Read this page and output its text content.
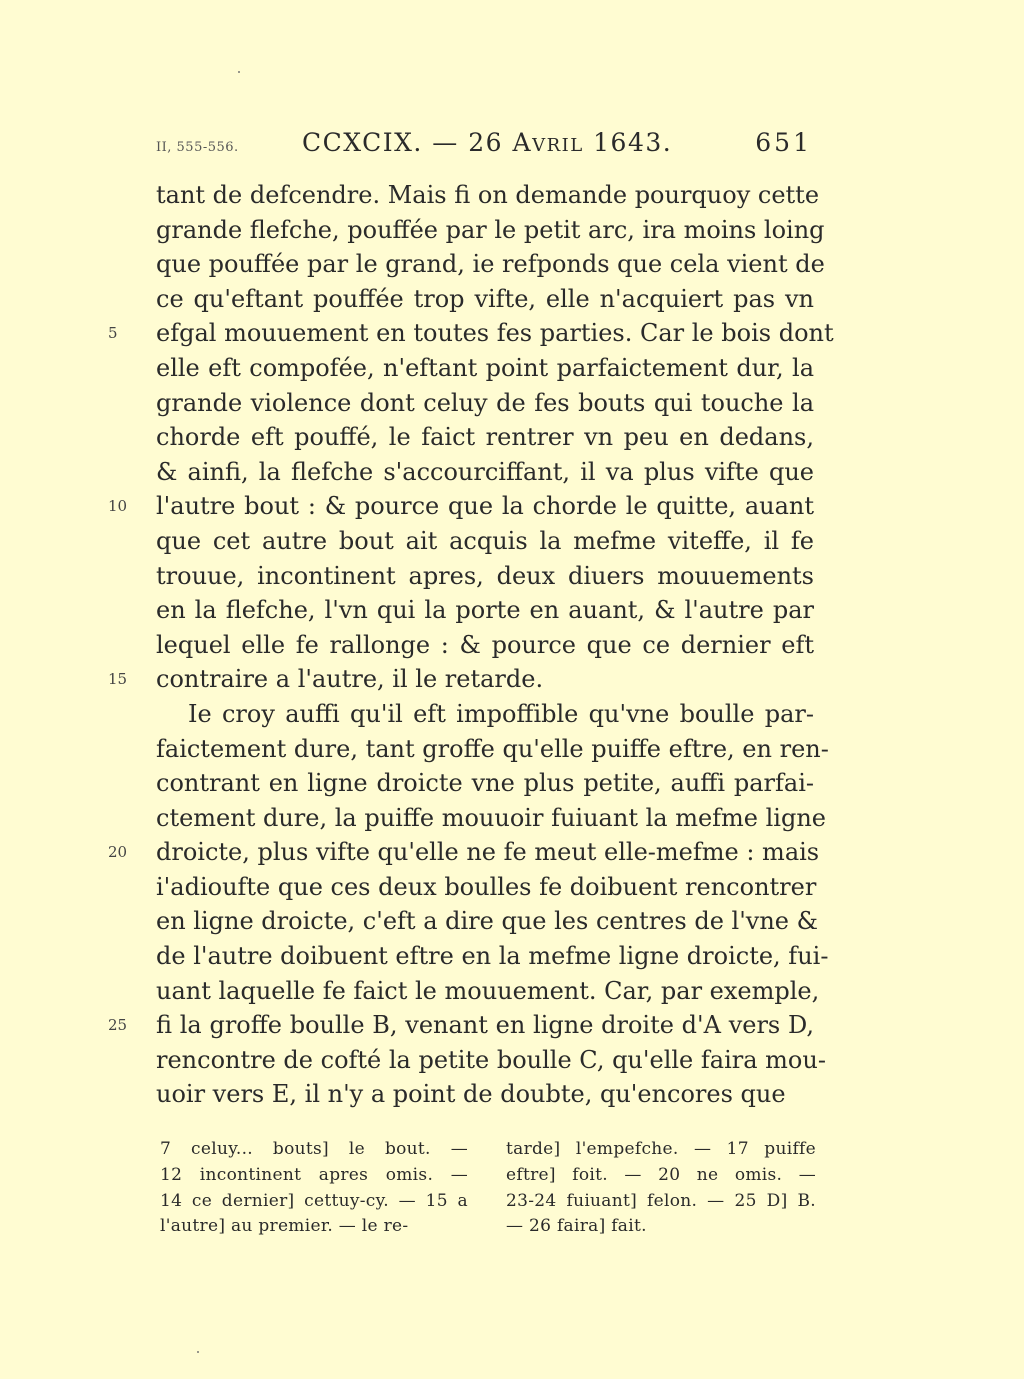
II, 555-556.	CCXCIX. — 26 AVRIL 1643.	651
tant de defcendre. Mais fi on demande pourquoy cette
grande flefche, pouffée par le petit arc, ira moins loing
que pouffée par le grand, ie refponds que cela vient de
ce qu'eftant pouffée trop vifte, elle n'acquiert pas vn
5	efgal mouuement en toutes fes parties. Car le bois dont
elle eft compofée, n'eftant point parfaictement dur, la
grande violence dont celuy de fes bouts qui touche la
chorde eft pouffé, le faict rentrer vn peu en dedans,
& ainfi, la flefche s'accourciffant, il va plus vifte que
10	l'autre bout : & pource que la chorde le quitte, auant
que cet autre bout ait acquis la mefme viteffe, il fe
trouue, incontinent apres, deux diuers mouuements
en la flefche, l'vn qui la porte en auant, & l'autre par
lequel elle fe rallonge : & pource que ce dernier eft
15	contraire a l'autre, il le retarde.
Ie croy auffi qu'il eft impoffible qu'vne boulle par-
faictement dure, tant groffe qu'elle puiffe eftre, en ren-
contrant en ligne droicte vne plus petite, auffi parfai-
ctement dure, la puiffe mouuoir fuiuant la mefme ligne
20	droicte, plus vifte qu'elle ne fe meut elle-mefme : mais
i'adioufte que ces deux boulles fe doibuent rencontrer
en ligne droicte, c'eft a dire que les centres de l'vne &
de l'autre doibuent eftre en la mefme ligne droicte, fui-
uant laquelle fe faict le mouuement. Car, par exemple,
25	fi la groffe boulle B, venant en ligne droite d'A vers D,
rencontre de cofté la petite boulle C, qu'elle faira mou-
uoir vers E, il n'y a point de doubte, qu'encores que
7 celuy... bouts] le bout. —
12 incontinent apres omis. —
14 ce dernier] cettuy-cy. — 15 a
l'autre] au premier. — le re-
tarde] l'empefche. — 17 puiffe
eftre] foit. — 20 ne omis. —
23-24 fuiuant] felon. — 25 D] B.
— 26 faira] fait.
